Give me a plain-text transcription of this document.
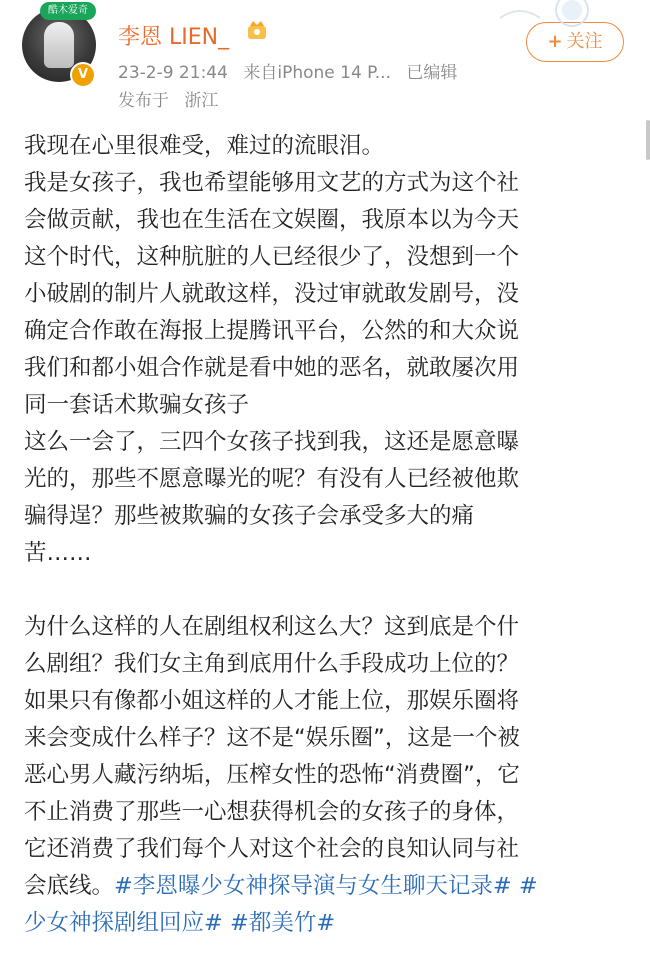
酷木爱奇
V
李恩 LIEN_
23-2-9 21:44 来自iPhone 14 P... 已编辑
发布于 浙江
+ 关注
我现在心里很难受，难过的流眼泪。
我是女孩子，我也希望能够用文艺的方式为这个社
会做贡献，我也在生活在文娱圈，我原本以为今天
这个时代，这种肮脏的人已经很少了，没想到一个
小破剧的制片人就敢这样，没过审就敢发剧号，没
确定合作敢在海报上提腾讯平台，公然的和大众说
我们和都小姐合作就是看中她的恶名，就敢屡次用
同一套话术欺骗女孩子
这么一会了，三四个女孩子找到我，这还是愿意曝
光的，那些不愿意曝光的呢？有没有人已经被他欺
骗得逞？那些被欺骗的女孩子会承受多大的痛
苦……
为什么这样的人在剧组权利这么大？这到底是个什
么剧组？我们女主角到底用什么手段成功上位的？
如果只有像都小姐这样的人才能上位，那娱乐圈将
来会变成什么样子？这不是“娱乐圈”，这是一个被
恶心男人藏污纳垢，压榨女性的恐怖“消费圈”，它
不止消费了那些一心想获得机会的女孩子的身体，
它还消费了我们每个人对这个社会的良知认同与社
会底线。#李恩曝少女神探导演与女生聊天记录# #
少女神探剧组回应# #都美竹#
